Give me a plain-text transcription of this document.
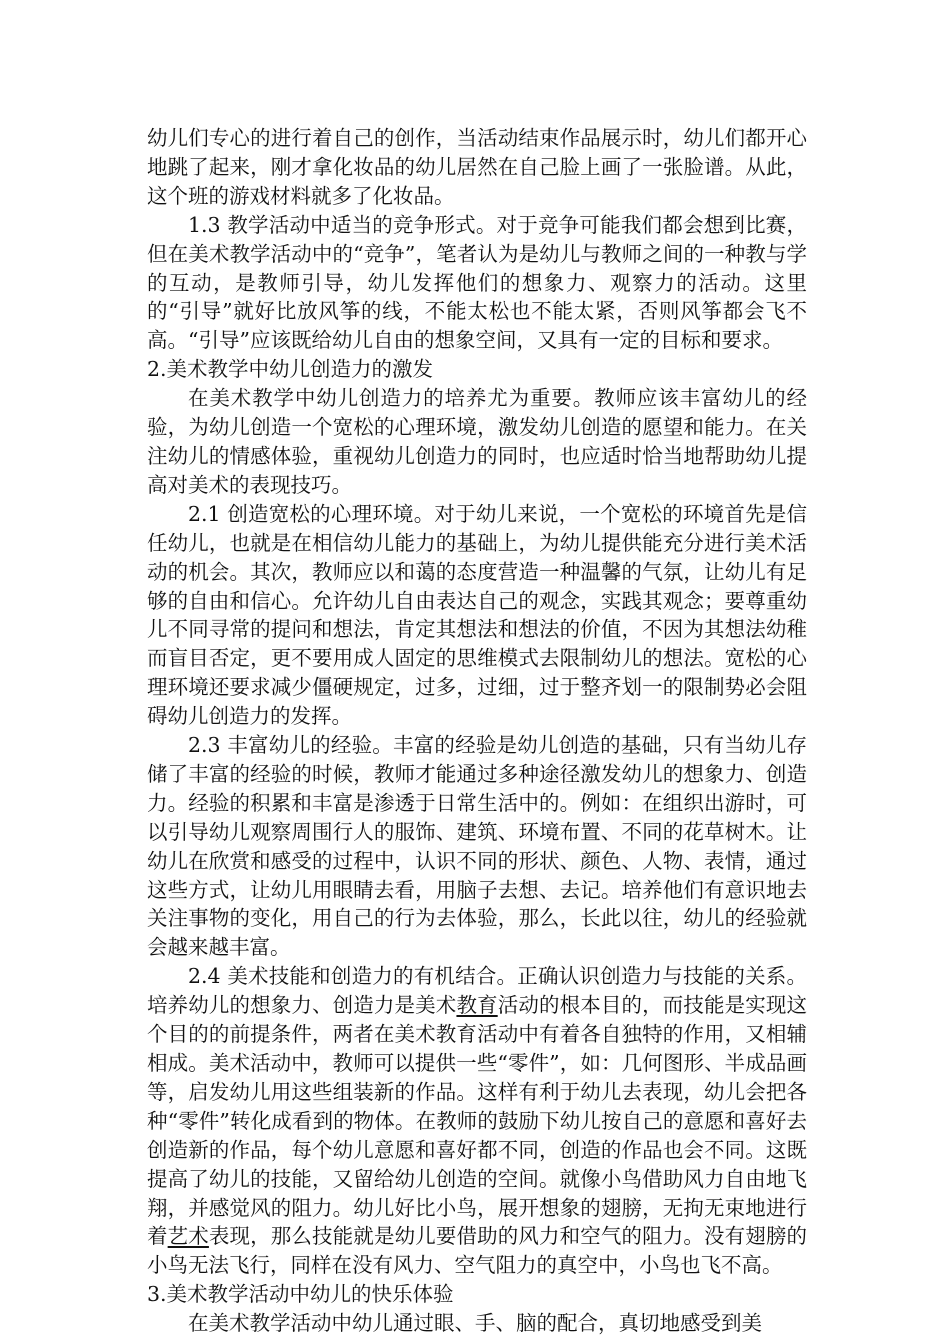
幼儿们专心的进行着自己的创作，当活动结束作品展示时，幼儿们都开心地跳了起来，刚才拿化妆品的幼儿居然在自己脸上画了一张脸谱。从此，这个班的游戏材料就多了化妆品。

1.3 教学活动中适当的竞争形式。对于竞争可能我们都会想到比赛，但在美术教学活动中的“竞争”，笔者认为是幼儿与教师之间的一种教与学的互动，是教师引导，幼儿发挥他们的想象力、观察力的活动。这里的“引导”就好比放风筝的线，不能太松也不能太紧，否则风筝都会飞不高。“引导”应该既给幼儿自由的想象空间，又具有一定的目标和要求。

2.美术教学中幼儿创造力的激发

在美术教学中幼儿创造力的培养尤为重要。教师应该丰富幼儿的经验，为幼儿创造一个宽松的心理环境，激发幼儿创造的愿望和能力。在关注幼儿的情感体验，重视幼儿创造力的同时，也应适时恰当地帮助幼儿提高对美术的表现技巧。

2.1 创造宽松的心理环境。对于幼儿来说，一个宽松的环境首先是信任幼儿，也就是在相信幼儿能力的基础上，为幼儿提供能充分进行美术活动的机会。其次，教师应以和蔼的态度营造一种温馨的气氛，让幼儿有足够的自由和信心。允许幼儿自由表达自己的观念，实践其观念；要尊重幼儿不同寻常的提问和想法，肯定其想法和想法的价值，不因为其想法幼稚而盲目否定，更不要用成人固定的思维模式去限制幼儿的想法。宽松的心理环境还要求减少僵硬规定，过多，过细，过于整齐划一的限制势必会阻碍幼儿创造力的发挥。

2.3 丰富幼儿的经验。丰富的经验是幼儿创造的基础，只有当幼儿存储了丰富的经验的时候，教师才能通过多种途径激发幼儿的想象力、创造力。经验的积累和丰富是渗透于日常生活中的。例如：在组织出游时，可以引导幼儿观察周围行人的服饰、建筑、环境布置、不同的花草树木。让幼儿在欣赏和感受的过程中，认识不同的形状、颜色、人物、表情，通过这些方式，让幼儿用眼睛去看，用脑子去想、去记。培养他们有意识地去关注事物的变化，用自己的行为去体验，那么，长此以往，幼儿的经验就会越来越丰富。

2.4 美术技能和创造力的有机结合。正确认识创造力与技能的关系。培养幼儿的想象力、创造力是美术教育活动的根本目的，而技能是实现这个目的的前提条件，两者在美术教育活动中有着各自独特的作用，又相辅相成。美术活动中，教师可以提供一些“零件”，如：几何图形、半成品画等，启发幼儿用这些组装新的作品。这样有利于幼儿去表现，幼儿会把各种“零件”转化成看到的物体。在教师的鼓励下幼儿按自己的意愿和喜好去创造新的作品，每个幼儿意愿和喜好都不同，创造的作品也会不同。这既提高了幼儿的技能，又留给幼儿创造的空间。就像小鸟借助风力自由地飞翔，并感觉风的阻力。幼儿好比小鸟，展开想象的翅膀，无拘无束地进行着艺术表现，那么技能就是幼儿要借助的风力和空气的阻力。没有翅膀的小鸟无法飞行，同样在没有风力、空气阻力的真空中，小鸟也飞不高。

3.美术教学活动中幼儿的快乐体验

在美术教学活动中幼儿通过眼、手、脑的配合，真切地感受到美
